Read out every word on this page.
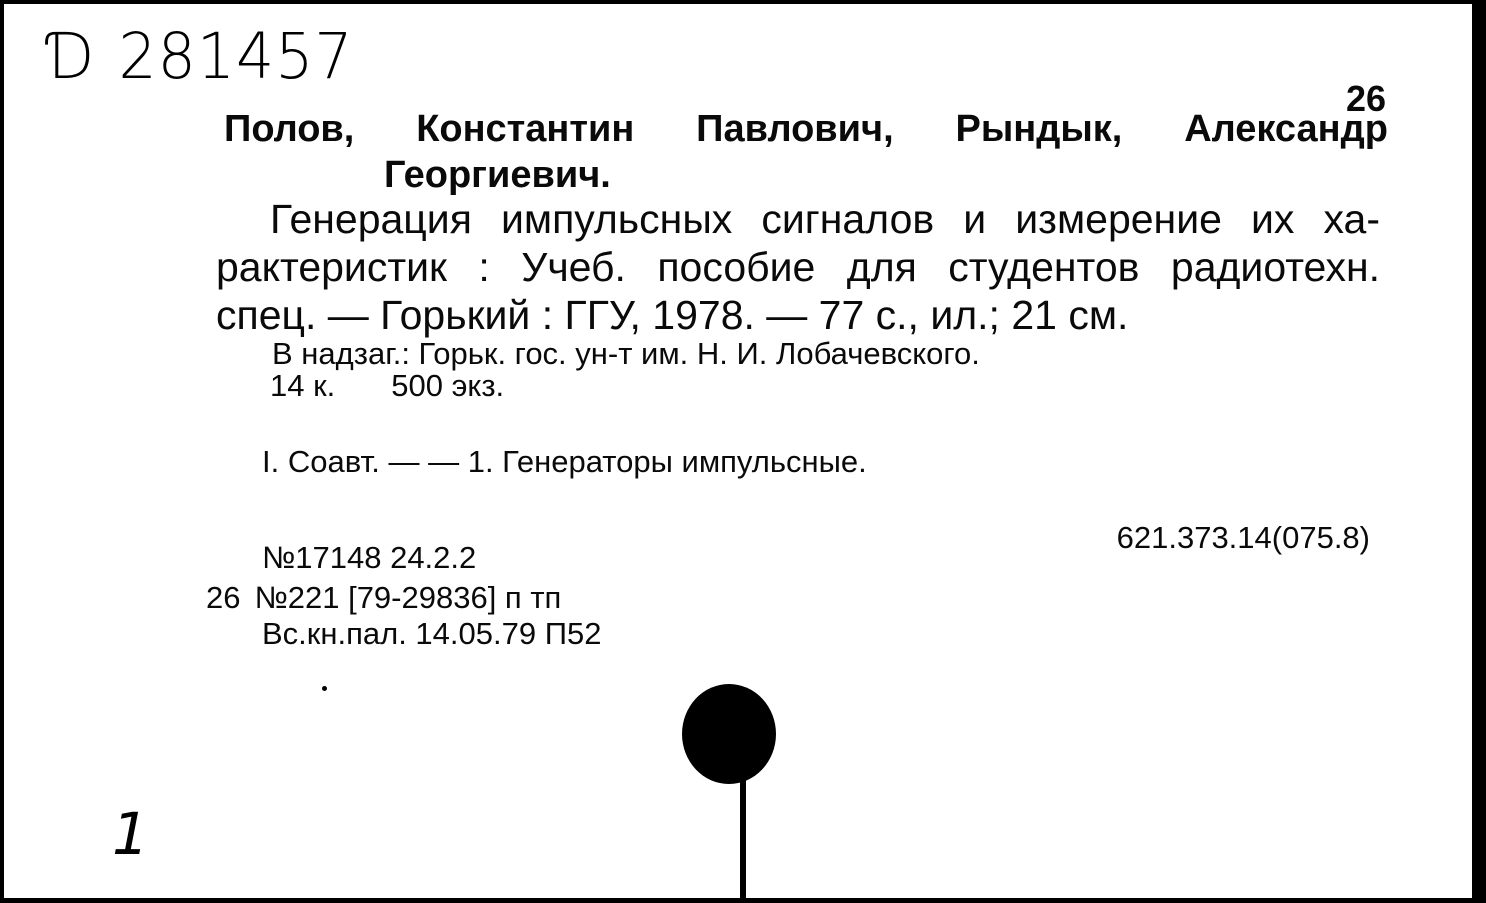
Ɗ 281457
26
Полов, Константин Павлович, Рындык, Александр
Георгиевич.
Генерация импульсных сигналов и измерение их ха-
рактеристик : Учеб. пособие для студентов радиотехн.
спец. — Горький : ГГУ, 1978. — 77 с., ил.; 21 см.
В надзаг.: Горьк. гос. ун-т им. Н. И. Лобачевского.
14 к. 500 экз.
I. Соавт. — — 1. Генераторы импульсные.
621.373.14(075.8)
№17148 24.2.2
26 №221 [79-29836] п тп
Вс.кн.пал. 14.05.79 П52
1
